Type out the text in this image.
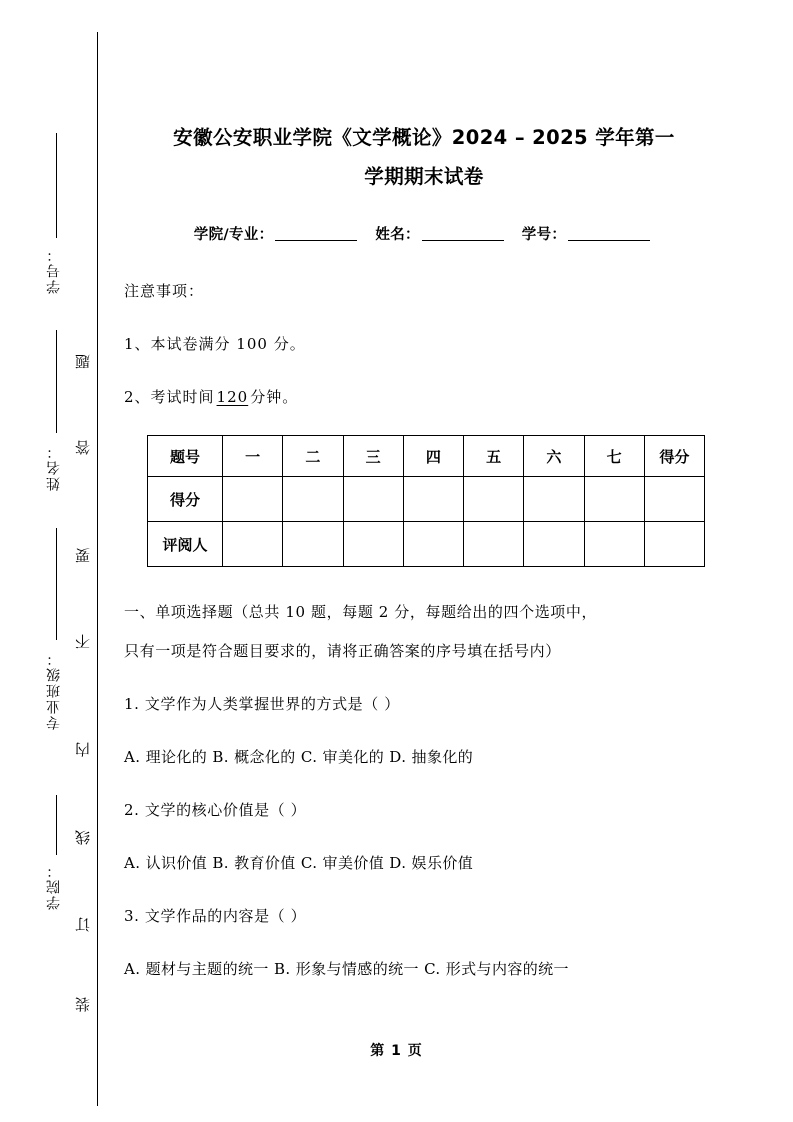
学号：
姓名：
专业班级：
学院：
题
答
要
不
内
线
订
装
安徽公安职业学院《文学概论》2024 – 2025 学年第一
学期期末试卷
学院/专业：	姓名：	学号：
注意事项：
1、本试卷满分 100 分。
2、考试时间 120 分钟。
题号	一	二	三	四	五	六	七	得分
得分								
评阅人								
一、单项选择题（总共 10 题，每题 2 分，每题给出的四个选项中，
只有一项是符合题目要求的，请将正确答案的序号填在括号内）
1. 文学作为人类掌握世界的方式是（ ）
A. 理论化的 B. 概念化的 C. 审美化的 D. 抽象化的
2. 文学的核心价值是（ ）
A. 认识价值 B. 教育价值 C. 审美价值 D. 娱乐价值
3. 文学作品的内容是（ ）
A. 题材与主题的统一 B. 形象与情感的统一 C. 形式与内容的统一
第 1 页
